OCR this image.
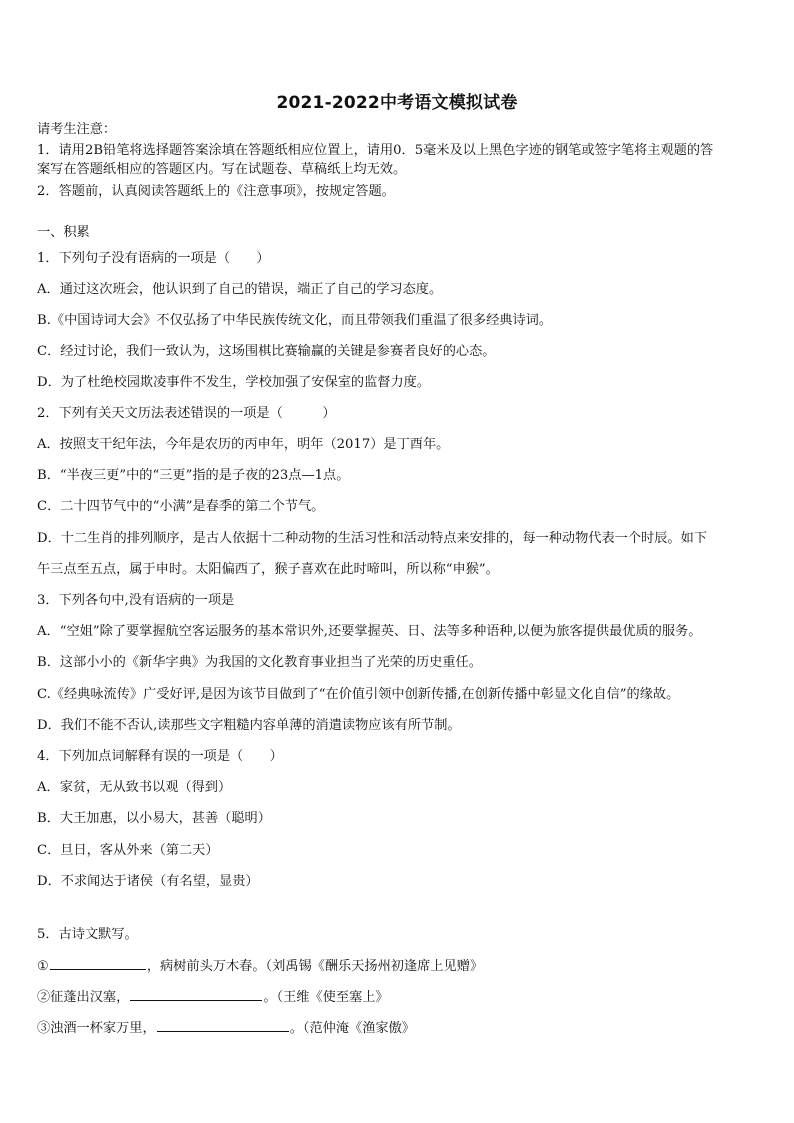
2021-2022中考语文模拟试卷
请考生注意：
1．请用2B铅笔将选择题答案涂填在答题纸相应位置上，请用0．5毫米及以上黑色字迹的钢笔或签字笔将主观题的答
案写在答题纸相应的答题区内。写在试题卷、草稿纸上均无效。
2．答题前，认真阅读答题纸上的《注意事项》，按规定答题。
一、积累
1．下列句子没有语病的一项是（　　）
A．通过这次班会，他认识到了自己的错误，端正了自己的学习态度。
B.《中国诗词大会》不仅弘扬了中华民族传统文化，而且带领我们重温了很多经典诗词。
C．经过讨论，我们一致认为，这场围棋比赛输赢的关键是参赛者良好的心态。
D．为了杜绝校园欺凌事件不发生，学校加强了安保室的监督力度。
2．下列有关天文历法表述错误的一项是（　　　）
A．按照支干纪年法，今年是农历的丙申年，明年（2017）是丁酉年。
B．“半夜三更”中的“三更”指的是子夜的23点—1点。
C．二十四节气中的“小满”是春季的第二个节气。
D．十二生肖的排列顺序，是古人依据十二种动物的生活习性和活动特点来安排的，每一种动物代表一个时辰。如下
午三点至五点，属于申时。太阳偏西了，猴子喜欢在此时啼叫，所以称“申猴”。
3．下列各句中,没有语病的一项是
A．“空姐”除了要掌握航空客运服务的基本常识外,还要掌握英、日、法等多种语种,以便为旅客提供最优质的服务。
B．这部小小的《新华字典》为我国的文化教育事业担当了光荣的历史重任。
C.《经典咏流传》广受好评,是因为该节目做到了“在价值引领中创新传播,在创新传播中彰显文化自信”的缘故。
D．我们不能不否认,读那些文字粗糙内容单薄的消遣读物应该有所节制。
4．下列加点词解释有误的一项是（　　）
A．家贫，无从致书以观（得到）
B．大王加惠，以小易大，甚善（聪明）
C．旦日，客从外来（第二天）
D．不求闻达于诸侯（有名望，显贵）
5．古诗文默写。
①	，病树前头万木春。（刘禹锡《酬乐天扬州初逢席上见赠》
②征蓬出汉塞，	。（王维《使至塞上》
③浊酒一杯家万里，	。（范仲淹《渔家傲》
